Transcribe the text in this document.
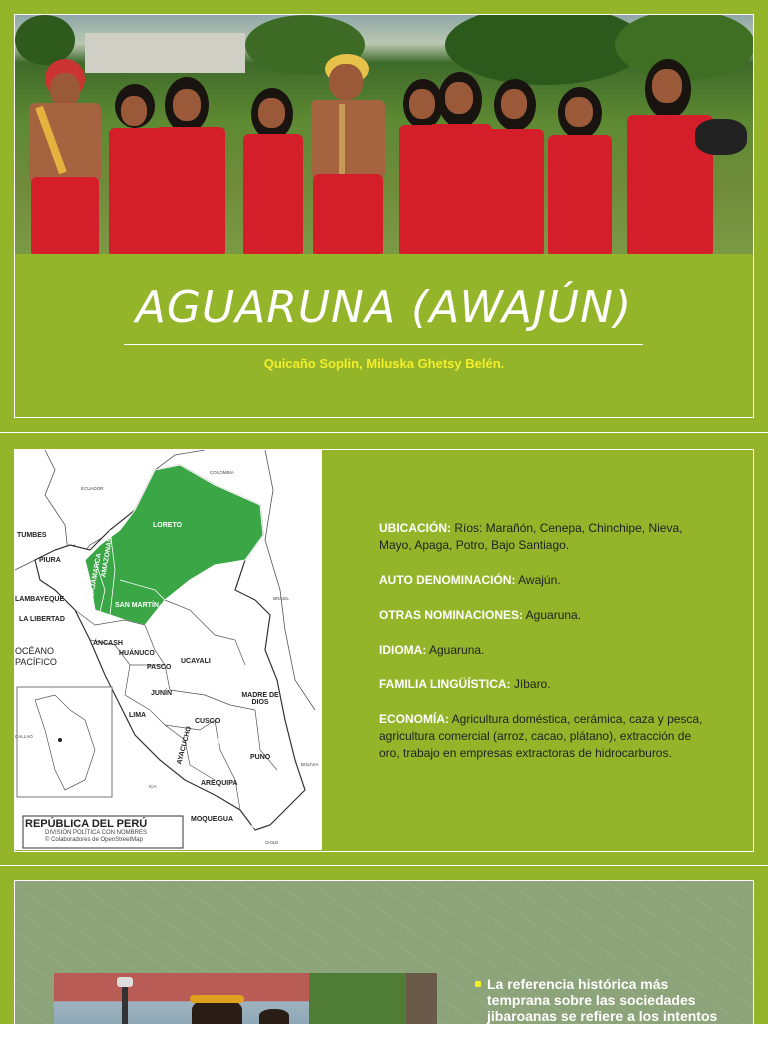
AGUARUNA (AWAJÚN)
Quicaño Soplin, Miluska Ghetsy Belén.
COLOMBIA
ECUADOR
TUMBES
PIURA
LAMBAYEQUE
LA LIBERTAD
CAJAMARCA
AMAZONAS
LORETO
SAN MARTÍN
ÁNCASH
HUÁNUCO
PASCO
UCAYALI
JUNÍN
LIMA
MADRE DE DIOS
CUSCO
AYACUCHO APURÍMAC	PUNO
AREQUIPA
MOQUEGUA TACNA
CHILE
BRASIL
BOLIVIA
OCÉANO
PACÍFICO
CALLAO
ICA
REPÚBLICA DEL PERÚ
DIVISIÓN POLÍTICA CON NOMBRES
© Colaboradores de OpenStreetMap
UBICACIÓN: Ríos: Marañón, Cenepa, Chinchipe, Nieva, Mayo, Apaga, Potro, Bajo Santiago.
AUTO DENOMINACIÓN: Awajún.
OTRAS NOMINACIONES: Aguaruna.
IDIOMA: Aguaruna.
FAMILIA LINGÜÍSTICA: Jíbaro.
ECONOMÍA: Agricultura doméstica, cerámica, caza y pesca, agricultura comercial (arroz, cacao, plátano), extracción de oro, trabajo en empresas extractoras de hidrocarburos.
La referencia histórica más temprana sobre las sociedades jibaroanas se refiere a los intentos
